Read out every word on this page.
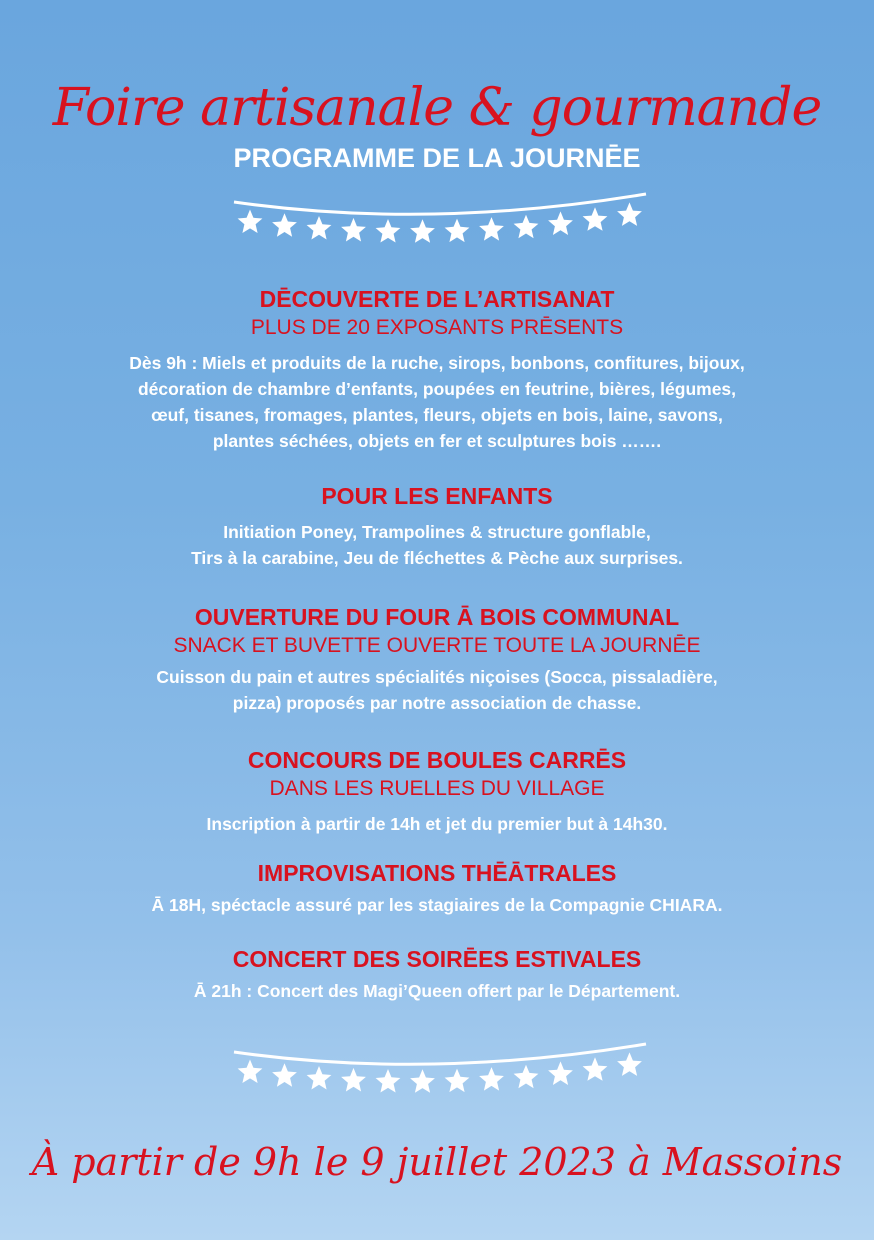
Foire artisanale & gourmande
PROGRAMME DE LA JOURNĒE
DĒCOUVERTE DE L’ARTISANAT
PLUS DE 20 EXPOSANTS PRĒSENTS
Dès 9h : Miels et produits de la ruche, sirops, bonbons, confitures, bijoux,
décoration de chambre d’enfants, poupées en feutrine, bières, légumes,
œuf, tisanes, fromages, plantes, fleurs, objets en bois, laine, savons,
plantes séchées, objets en fer et sculptures bois …….
POUR LES ENFANTS
Initiation Poney, Trampolines & structure gonflable,
Tirs à la carabine, Jeu de fléchettes & Pèche aux surprises.
OUVERTURE DU FOUR Ā BOIS COMMUNAL
SNACK ET BUVETTE OUVERTE TOUTE LA JOURNĒE
Cuisson du pain et autres spécialités niçoises (Socca, pissaladière,
pizza) proposés par notre association de chasse.
CONCOURS DE BOULES CARRĒS
DANS LES RUELLES DU VILLAGE
Inscription à partir de 14h et jet du premier but à 14h30.
IMPROVISATIONS THĒĀTRALES
Ā 18H, spéctacle assuré par les stagiaires de la Compagnie CHIARA.
CONCERT DES SOIRĒES ESTIVALES
Ā 21h : Concert des Magi’Queen offert par le Département.
À partir de 9h le 9 juillet 2023 à Massoins
